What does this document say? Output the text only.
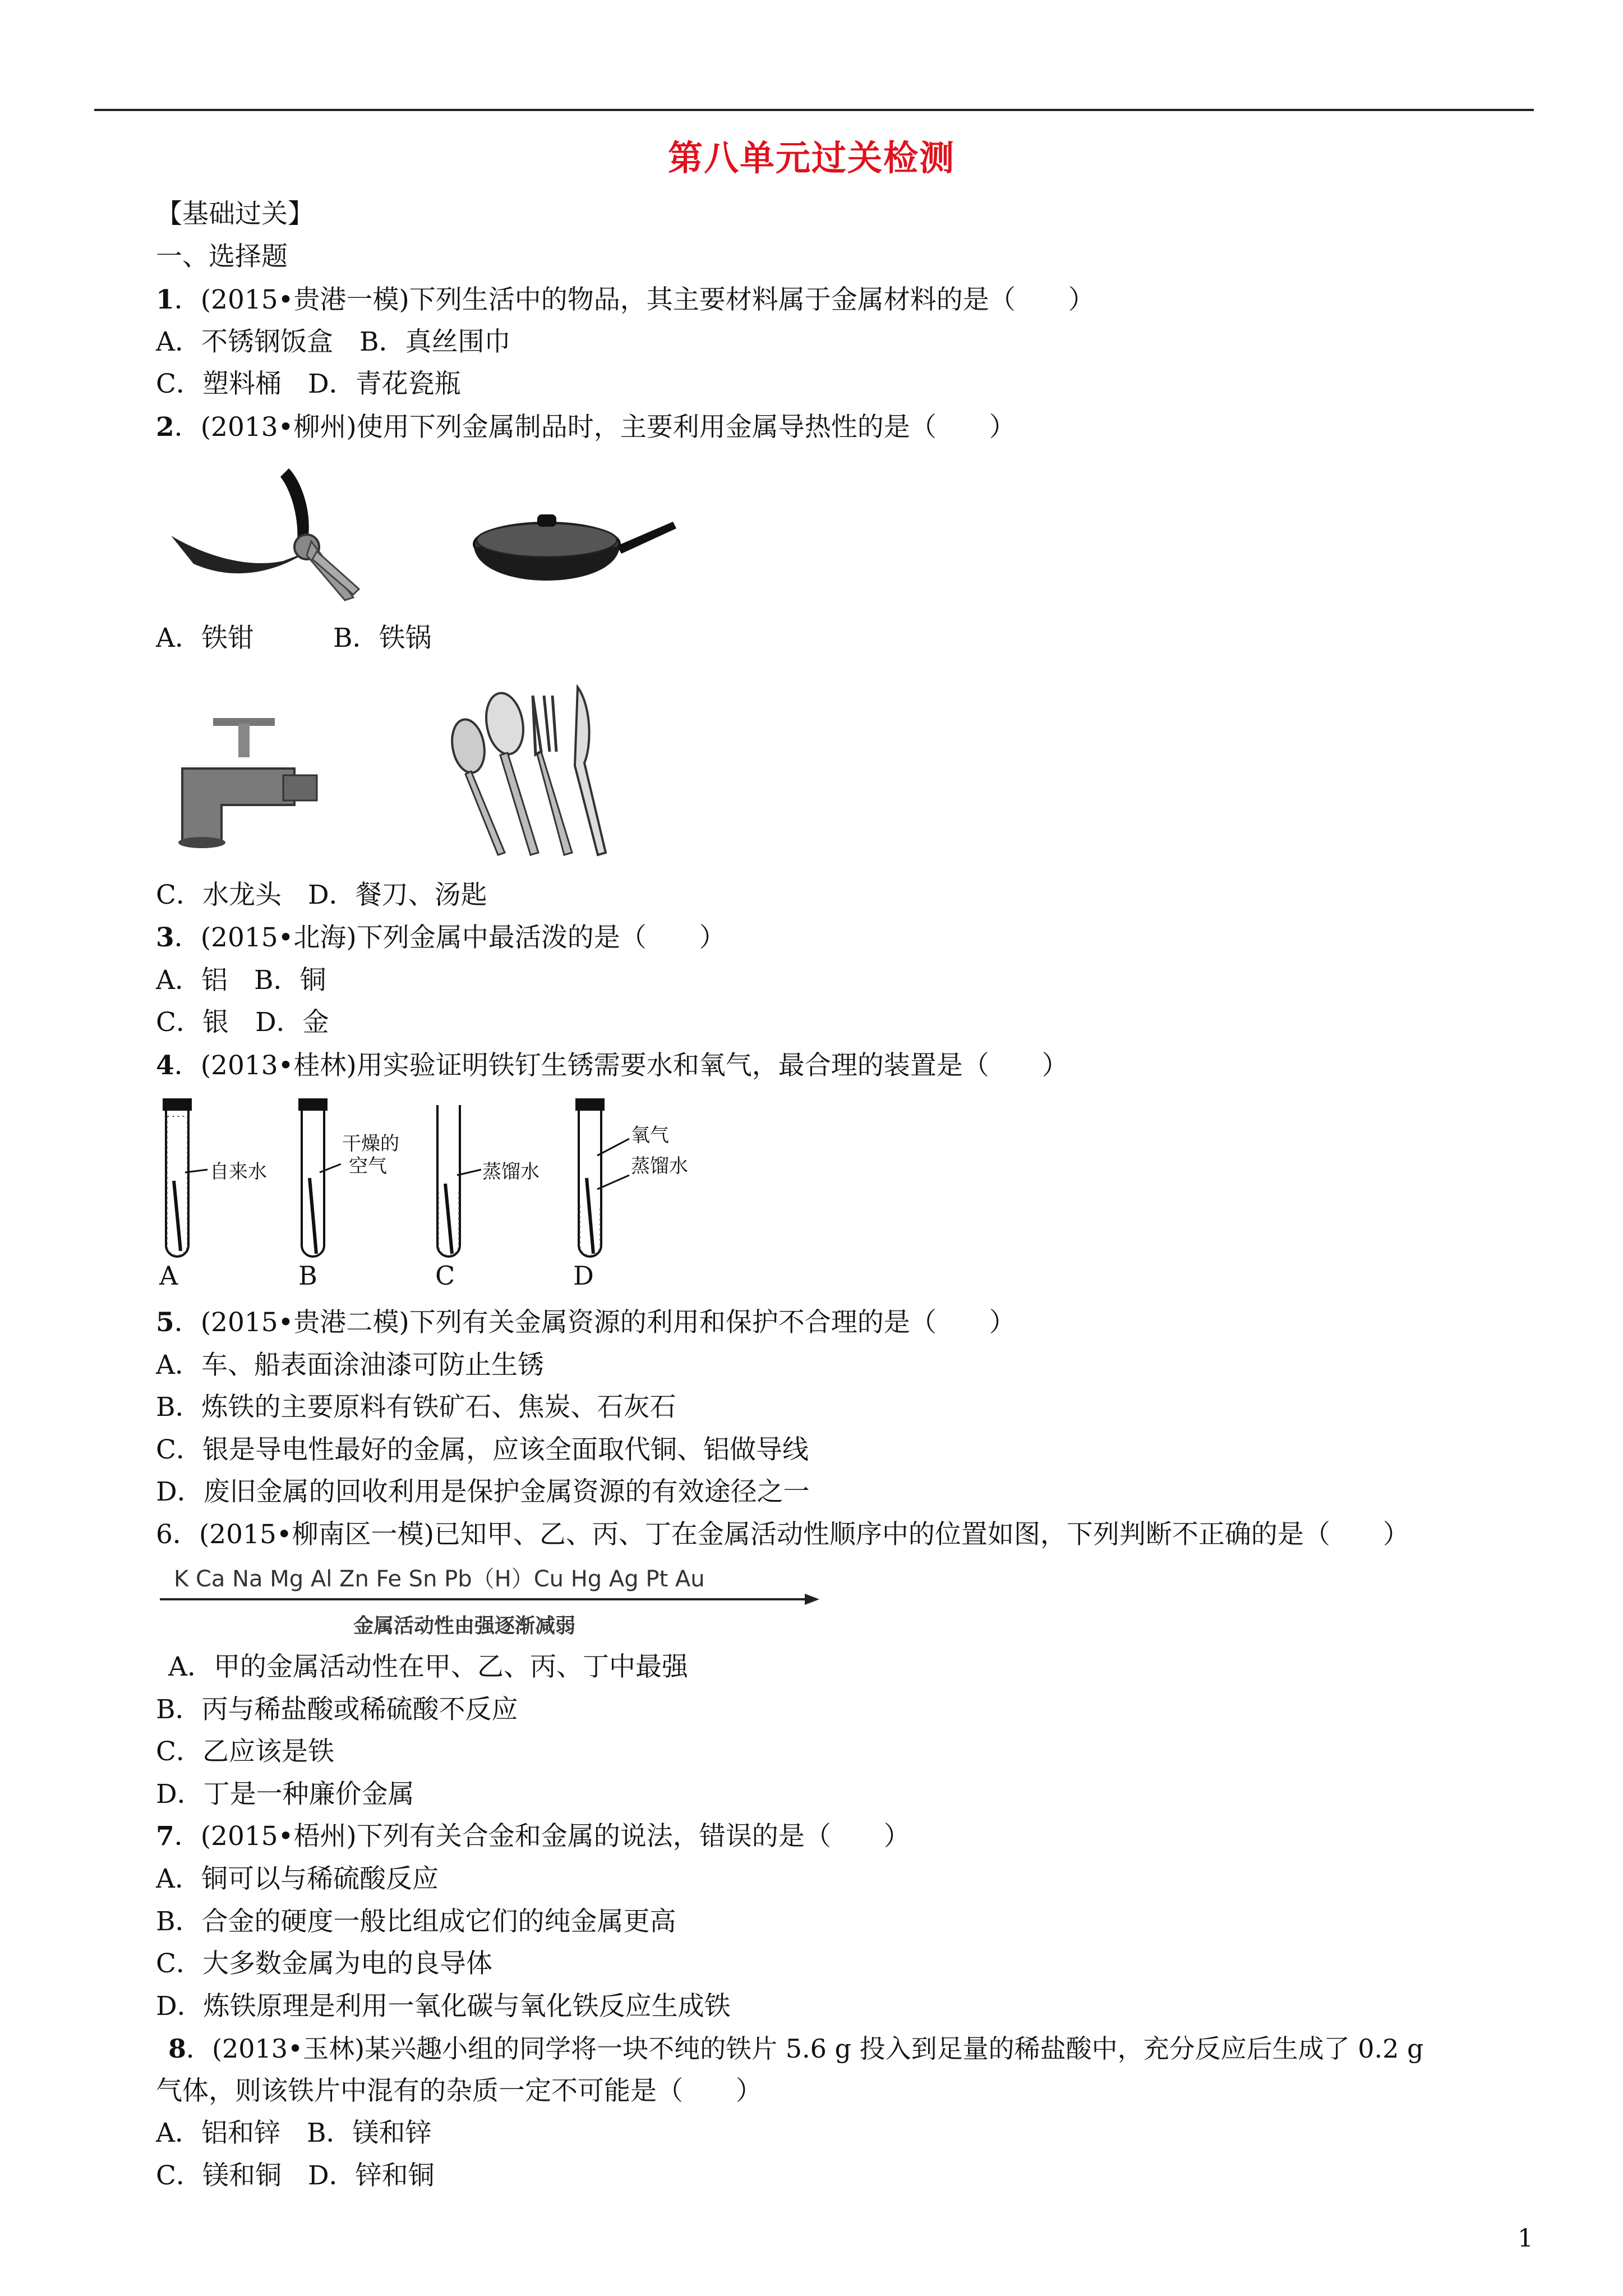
第八单元过关检测
【基础过关】
一、选择题
1．(2015•贵港一模)下列生活中的物品，其主要材料属于金属材料的是（　　）
A．不锈钢饭盒　B．真丝围巾
C．塑料桶　D．青花瓷瓶
2．(2013•柳州)使用下列金属制品时，主要利用金属导热性的是（　　）
A．铁钳　　　B．铁锅
C．水龙头　D．餐刀、汤匙
3．(2015•北海)下列金属中最活泼的是（　　）
A．铝　B．铜
C．银　D．金
4．(2013•桂林)用实验证明铁钉生锈需要水和氧气，最合理的装置是（　　）
自来水
A
干燥的
空气
B
蒸馏水
C
氧气
蒸馏水
D
5．(2015•贵港二模)下列有关金属资源的利用和保护不合理的是（　　）
A．车、船表面涂油漆可防止生锈
B．炼铁的主要原料有铁矿石、焦炭、石灰石
C．银是导电性最好的金属，应该全面取代铜、铝做导线
D．废旧金属的回收利用是保护金属资源的有效途径之一
6．(2015•柳南区一模)已知甲、乙、丙、丁在金属活动性顺序中的位置如图，下列判断不正确的是（　　）
K Ca Na Mg Al Zn Fe Sn Pb（H）Cu Hg Ag Pt Au
金属活动性由强逐渐减弱
A．甲的金属活动性在甲、乙、丙、丁中最强
B．丙与稀盐酸或稀硫酸不反应
C．乙应该是铁
D．丁是一种廉价金属
7．(2015•梧州)下列有关合金和金属的说法，错误的是（　　）
A．铜可以与稀硫酸反应
B．合金的硬度一般比组成它们的纯金属更高
C．大多数金属为电的良导体
D．炼铁原理是利用一氧化碳与氧化铁反应生成铁
8．(2013•玉林)某兴趣小组的同学将一块不纯的铁片 5.6 g 投入到足量的稀盐酸中，充分反应后生成了 0.2 g
气体，则该铁片中混有的杂质一定不可能是（　　）
A．铝和锌　B．镁和锌
C．镁和铜　D．锌和铜
1
